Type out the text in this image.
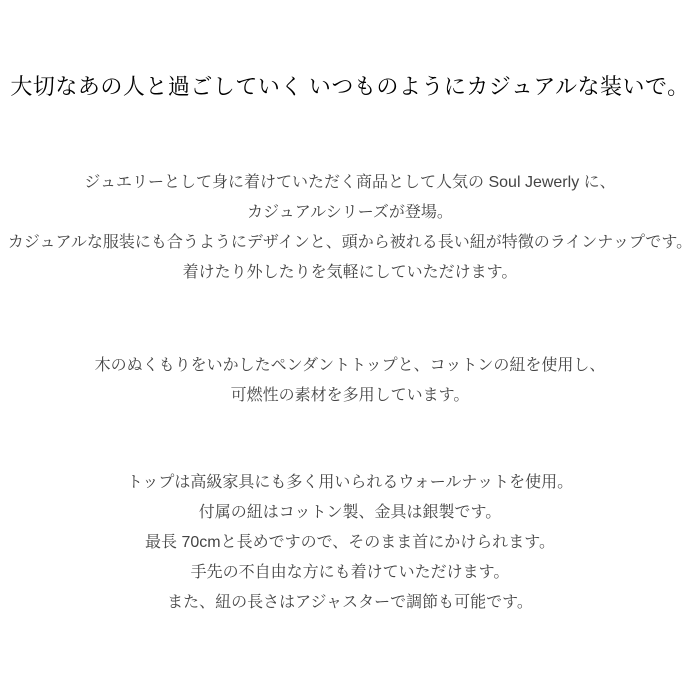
大切なあの人と過ごしていく いつものようにカジュアルな装いで。
ジュエリーとして身に着けていただく商品として人気の Soul Jewerly に、
カジュアルシリーズが登場。
カジュアルな服装にも合うようにデザインと、頭から被れる長い紐が特徴のラインナップです。
着けたり外したりを気軽にしていただけます。
木のぬくもりをいかしたペンダントトップと、コットンの紐を使用し、
可燃性の素材を多用しています。
トップは高級家具にも多く用いられるウォールナットを使用。
付属の紐はコットン製、金具は銀製です。
最長 70cmと長めですので、そのまま首にかけられます。
手先の不自由な方にも着けていただけます。
また、紐の長さはアジャスターで調節も可能です。
